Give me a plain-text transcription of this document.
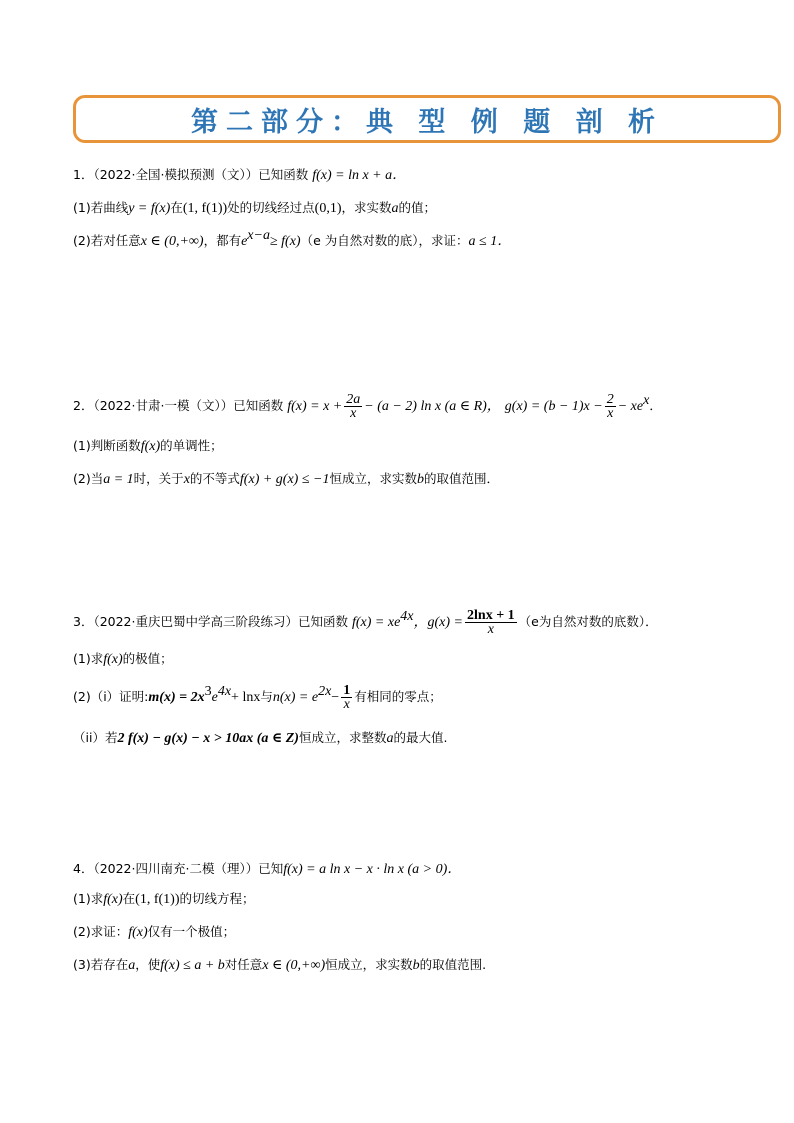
第二部分：典 型 例 题 剖 析
1．（2022·全国·模拟预测（文））已知函数 f(x) = ln x + a．
(1)若曲线y = f(x)在(1, f(1))处的切线经过点(0,1)，求实数a的值；
(2)若对任意x ∈ (0,+∞)，都有$e^{x-a}\ge f(x)(e$ 为自然对数的底），求证：a ≤ 1．
2．（2022·甘肃·一模（文））已知函数 $f(x) = x + \frac{2a}{x} - (a - 2)$ ln x (a ∈ R)， $g(x) = (b - 1)x - \frac{2}{x} - xe^x$．
(1)判断函数f(x)的单调性；
(2)当a = 1时，关于x的不等式f(x) + g(x) ≤ −1恒成立，求实数b的取值范围．
3．（2022·重庆巴蜀中学高三阶段练习）已知函数 $f(x) = xe^{4x}$，$g(x) = \frac{2\ln x + 1}{x} (e$为自然对数的底数）．
(1)求f(x)的极值；
(2)（i）证明:m(x) = $2x^3e^{4x}+ \ln x$与$n(x) = e^{2x}- \frac{1}{x}$ 有相同的零点；
（ii）若2 f(x) − g(x) − x > 10ax (a ∈ Z)恒成立，求整数a的最大值.
4．（2022·四川南充·二模（理））已知f(x) = a ln x − x · ln x (a > 0)．
(1)求f(x)在(1, f(1))的切线方程；
(2)求证：f(x)仅有一个极值；
(3)若存在a，使f(x) ≤ a + b对任意x ∈ (0,+∞)恒成立，求实数b的取值范围.
